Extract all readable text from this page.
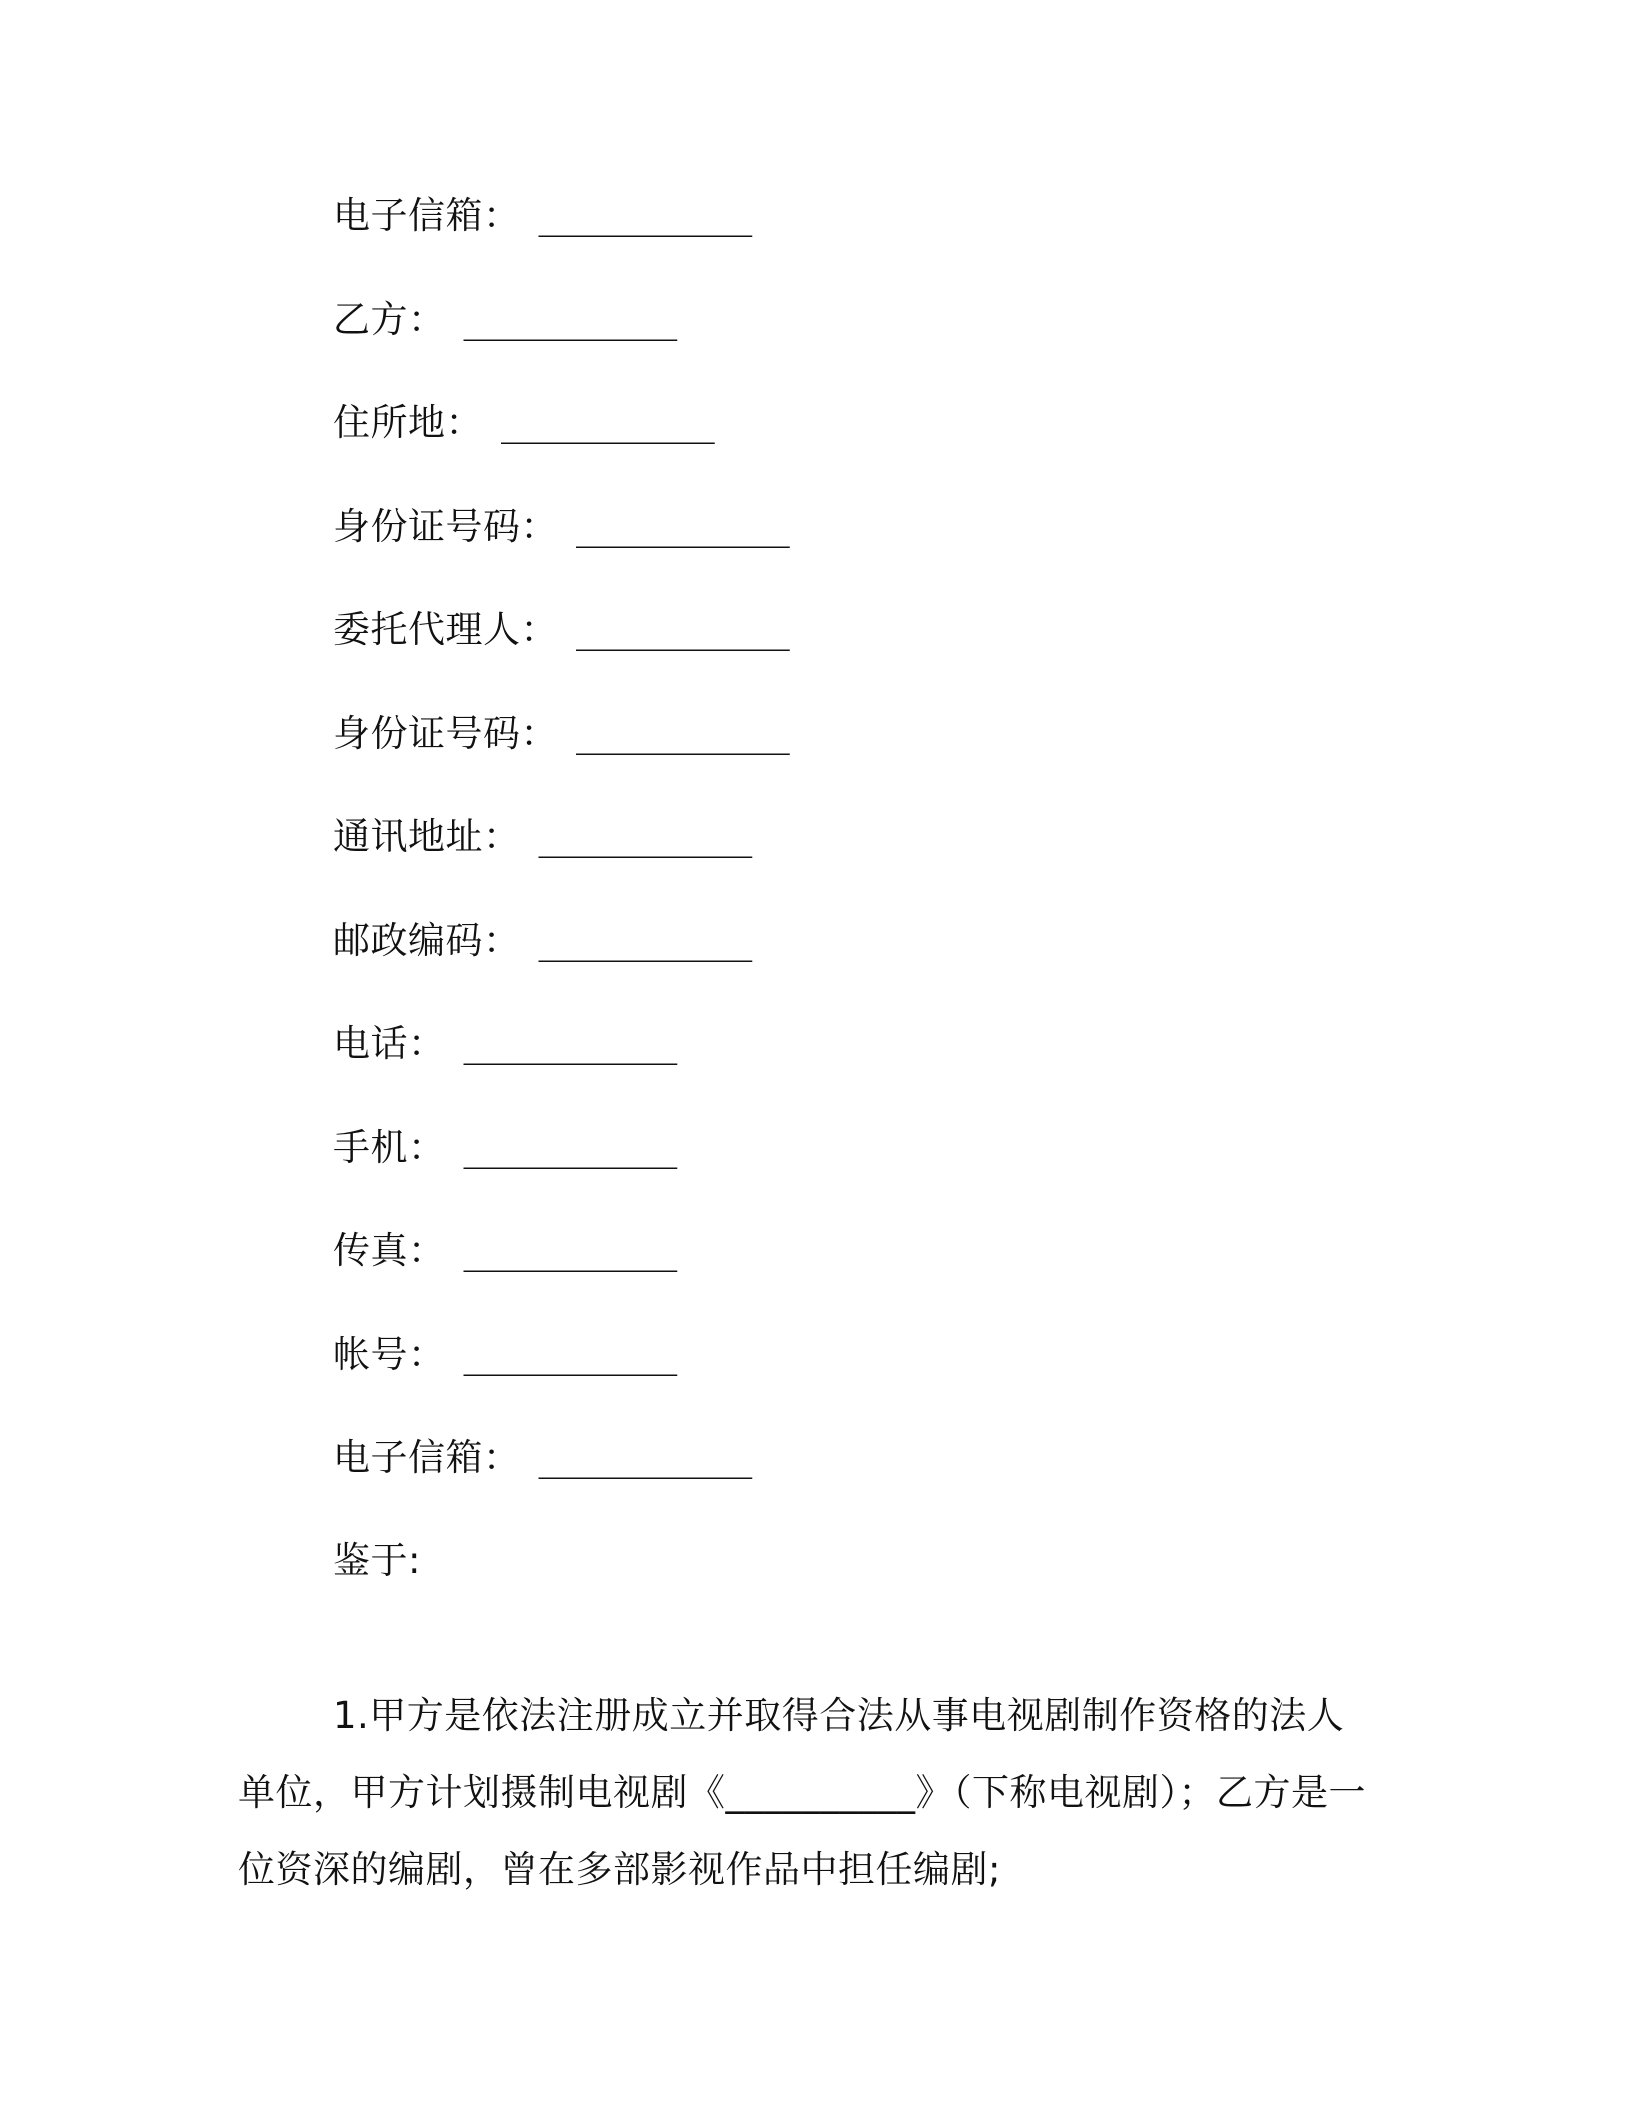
电子信箱： __________
乙方： __________
住所地： __________
身份证号码： __________
委托代理人： __________
身份证号码： __________
通讯地址： __________
邮政编码： __________
电话： __________
手机： __________
传真： __________
帐号： __________
电子信箱： __________
鉴于:

1.甲方是依法注册成立并取得合法从事电视剧制作资格的法人单位，甲方计划摄制电视剧《__________》（下称电视剧）；乙方是一位资深的编剧，曾在多部影视作品中担任编剧;
